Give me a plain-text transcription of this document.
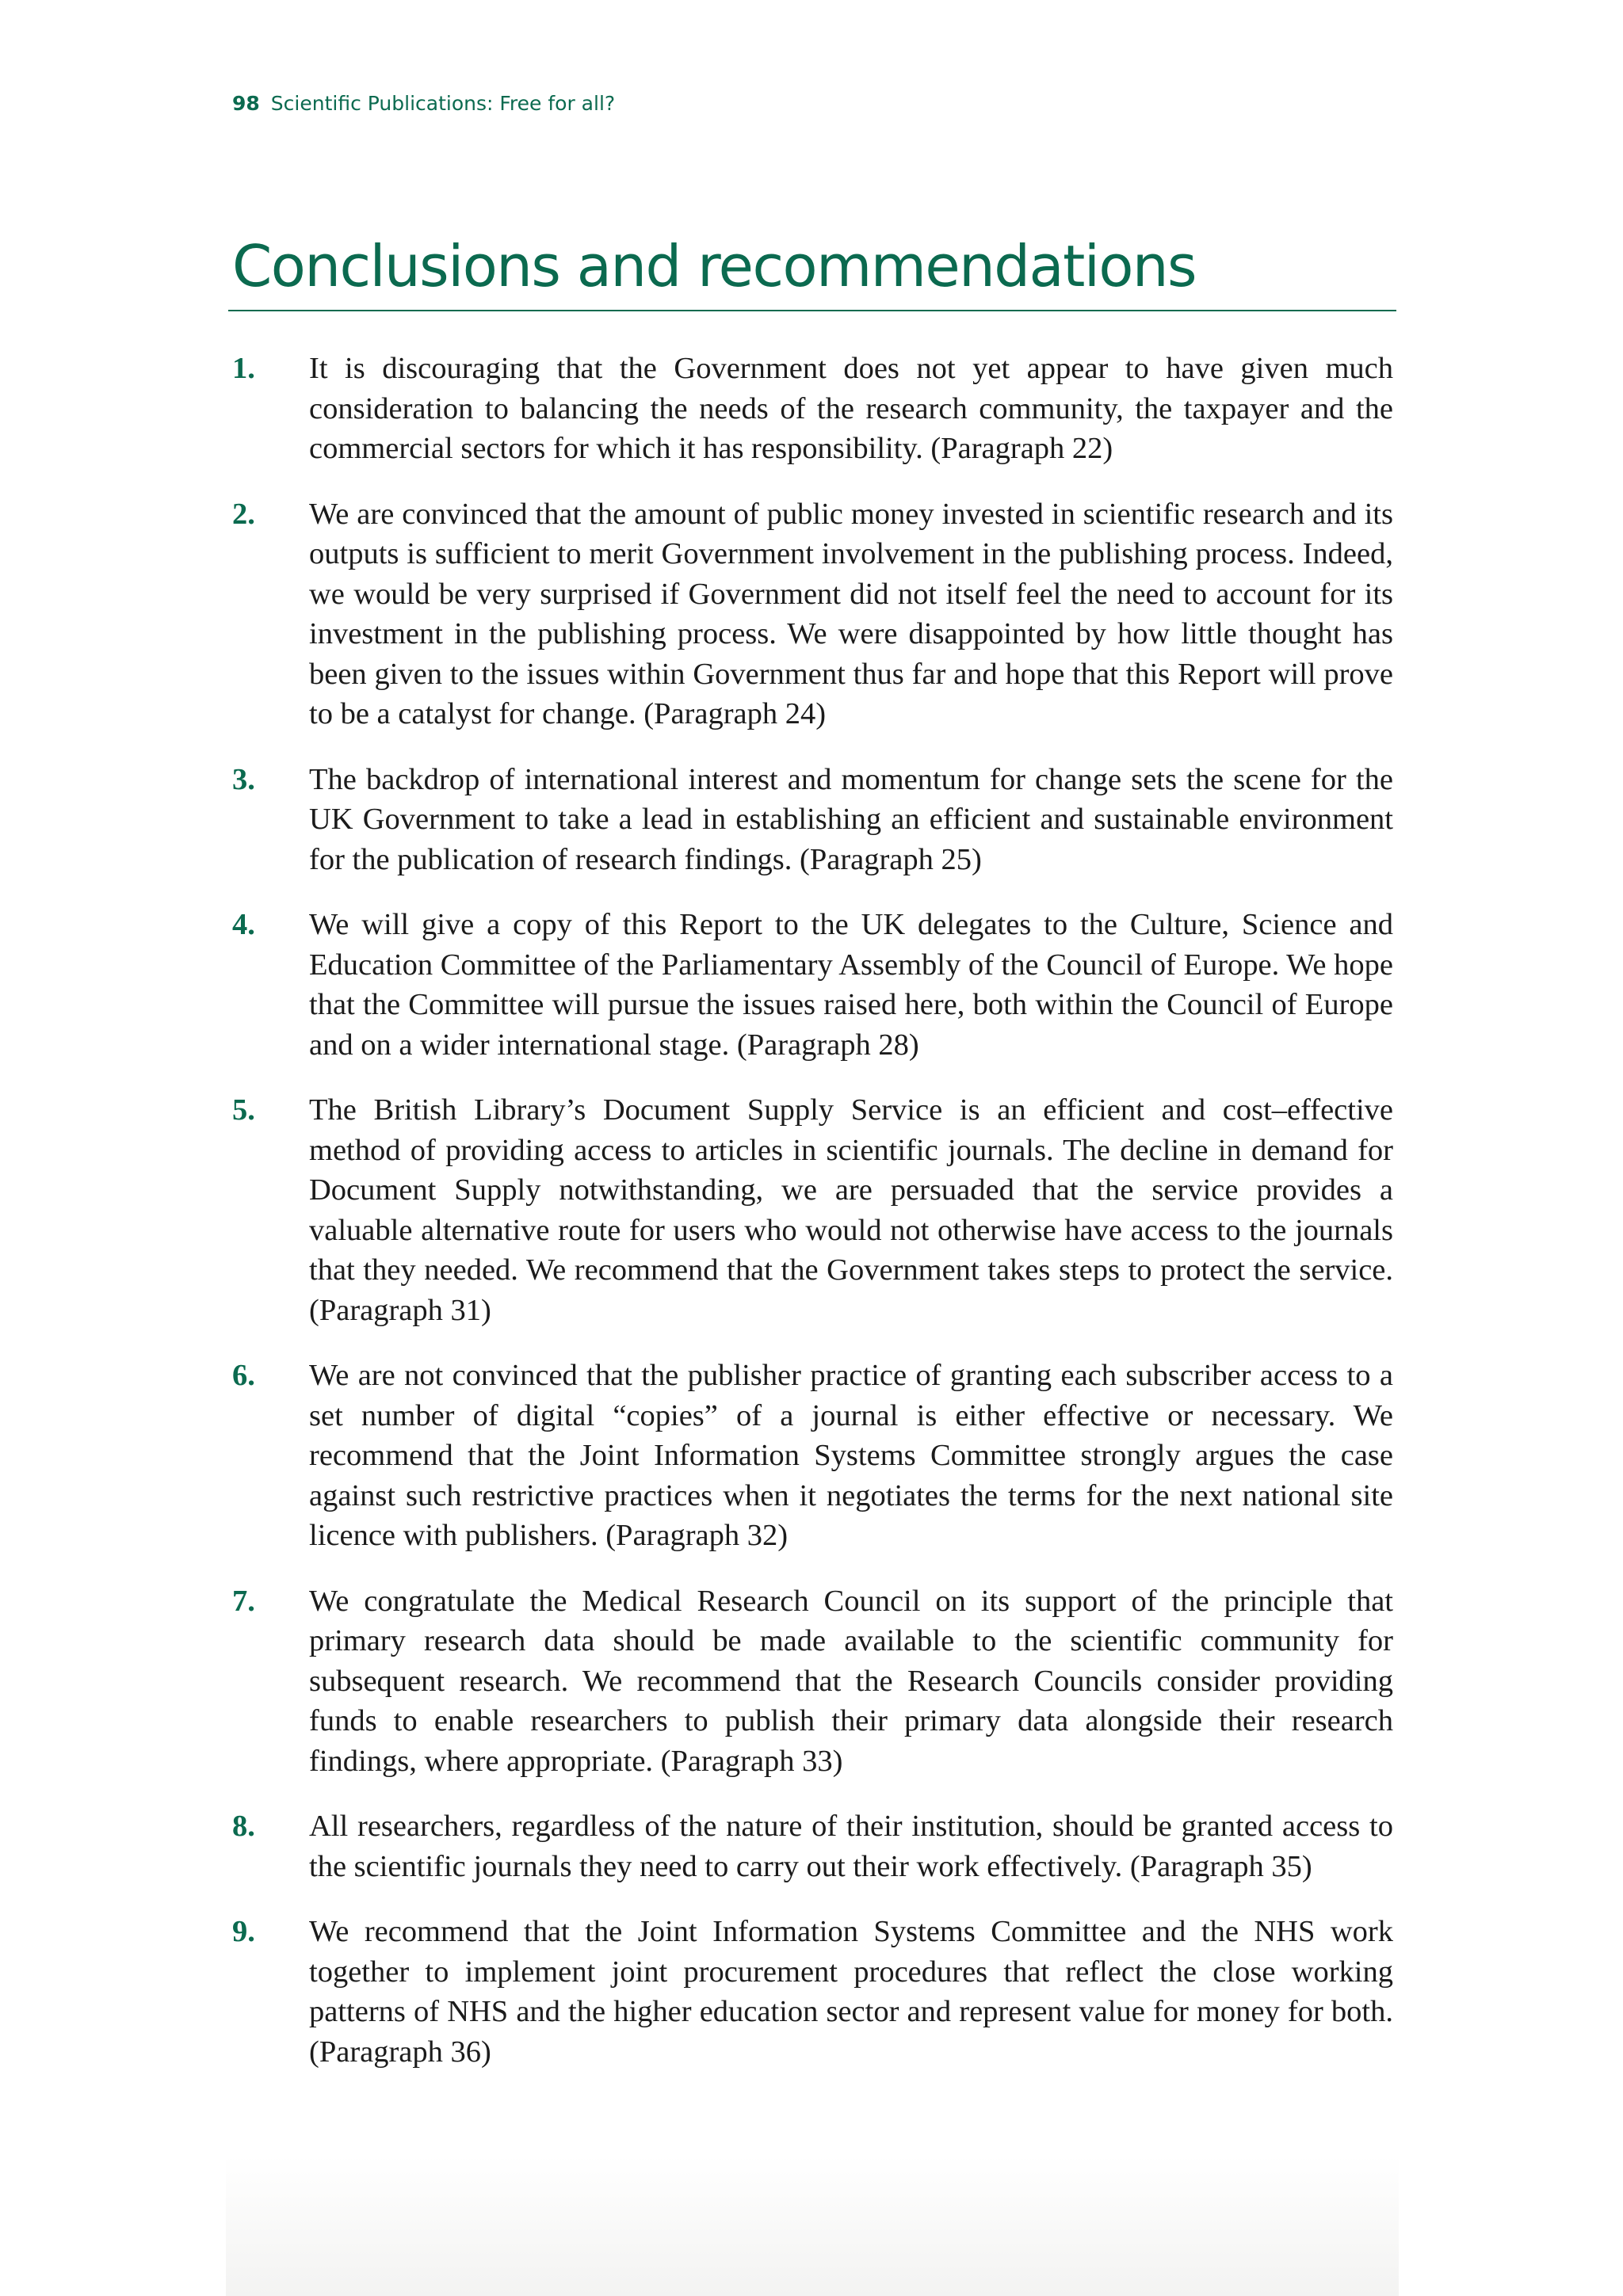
98 Scientific Publications: Free for all?
Conclusions and recommendations
1. It is discouraging that the Government does not yet appear to have given much consideration to balancing the needs of the research community, the taxpayer and the commercial sectors for which it has responsibility. (Paragraph 22)
2. We are convinced that the amount of public money invested in scientific research and its outputs is sufficient to merit Government involvement in the publishing process. Indeed, we would be very surprised if Government did not itself feel the need to account for its investment in the publishing process. We were disappointed by how little thought has been given to the issues within Government thus far and hope that this Report will prove to be a catalyst for change. (Paragraph 24)
3. The backdrop of international interest and momentum for change sets the scene for the UK Government to take a lead in establishing an efficient and sustainable environment for the publication of research findings. (Paragraph 25)
4. We will give a copy of this Report to the UK delegates to the Culture, Science and Education Committee of the Parliamentary Assembly of the Council of Europe. We hope that the Committee will pursue the issues raised here, both within the Council of Europe and on a wider international stage. (Paragraph 28)
5. The British Library’s Document Supply Service is an efficient and cost–effective method of providing access to articles in scientific journals. The decline in demand for Document Supply notwithstanding, we are persuaded that the service provides a valuable alternative route for users who would not otherwise have access to the journals that they needed. We recommend that the Government takes steps to protect the service. (Paragraph 31)
6. We are not convinced that the publisher practice of granting each subscriber access to a set number of digital “copies” of a journal is either effective or necessary. We recommend that the Joint Information Systems Committee strongly argues the case against such restrictive practices when it negotiates the terms for the next national site licence with publishers. (Paragraph 32)
7. We congratulate the Medical Research Council on its support of the principle that primary research data should be made available to the scientific community for subsequent research. We recommend that the Research Councils consider providing funds to enable researchers to publish their primary data alongside their research findings, where appropriate. (Paragraph 33)
8. All researchers, regardless of the nature of their institution, should be granted access to the scientific journals they need to carry out their work effectively. (Paragraph 35)
9. We recommend that the Joint Information Systems Committee and the NHS work together to implement joint procurement procedures that reflect the close working patterns of NHS and the higher education sector and represent value for money for both. (Paragraph 36)
